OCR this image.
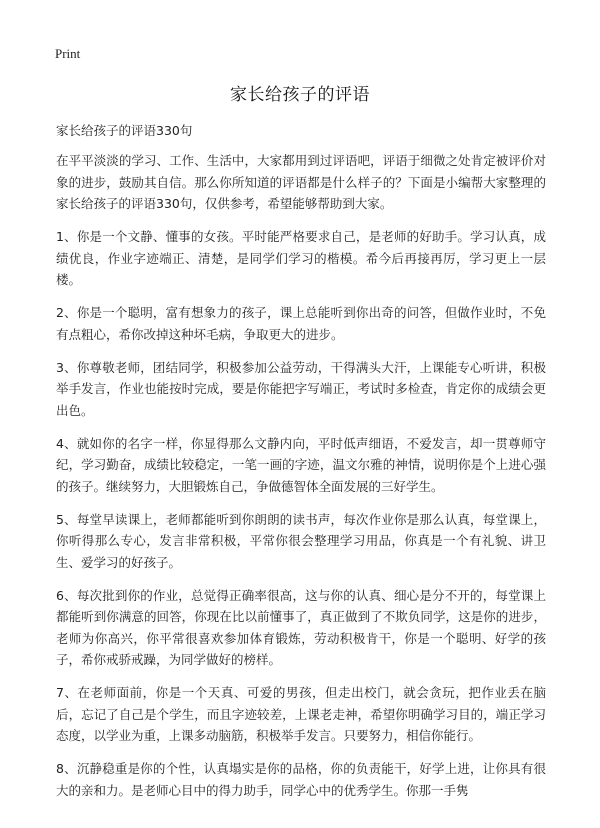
Print
家长给孩子的评语
家长给孩子的评语330句

在平平淡淡的学习、工作、生活中，大家都用到过评语吧，评语于细微之处肯定被评价对象的进步，鼓励其自信。那么你所知道的评语都是什么样子的？下面是小编帮大家整理的家长给孩子的评语330句，仅供参考，希望能够帮助到大家。

1、你是一个文静、懂事的女孩。平时能严格要求自己，是老师的好助手。学习认真，成绩优良，作业字迹端正、清楚，是同学们学习的楷模。希今后再接再厉，学习更上一层楼。

2、你是一个聪明，富有想象力的孩子，课上总能听到你出奇的问答，但做作业时，不免有点粗心，希你改掉这种坏毛病，争取更大的进步。

3、你尊敬老师，团结同学，积极参加公益劳动，干得满头大汗，上课能专心听讲，积极举手发言，作业也能按时完成，要是你能把字写端正，考试时多检查，肯定你的成绩会更出色。

4、就如你的名字一样，你显得那么文静内向，平时低声细语，不爱发言，却一贯尊师守纪，学习勤奋，成绩比较稳定，一笔一画的字迹，温文尔雅的神情，说明你是个上进心强的孩子。继续努力，大胆锻炼自己，争做德智体全面发展的三好学生。

5、每堂早读课上，老师都能听到你朗朗的读书声，每次作业你是那么认真，每堂课上，你听得那么专心，发言非常积极，平常你很会整理学习用品，你真是一个有礼貌、讲卫生、爱学习的好孩子。

6、每次批到你的作业，总觉得正确率很高，这与你的认真、细心是分不开的，每堂课上都能听到你满意的回答，你现在比以前懂事了，真正做到了不欺负同学，这是你的进步，老师为你高兴，你平常很喜欢参加体育锻炼，劳动积极肯干，你是一个聪明、好学的孩子，希你戒骄戒躁，为同学做好的榜样。

7、在老师面前，你是一个天真、可爱的男孩，但走出校门，就会贪玩，把作业丢在脑后，忘记了自己是个学生，而且字迹较差，上课老走神，希望你明确学习目的，端正学习态度，以学业为重，上课多动脑筋，积极举手发言。只要努力，相信你能行。

8、沉静稳重是你的个性，认真塌实是你的品格，你的负责能干，好学上进，让你具有很大的亲和力。是老师心目中的得力助手，同学心中的优秀学生。你那一手隽
